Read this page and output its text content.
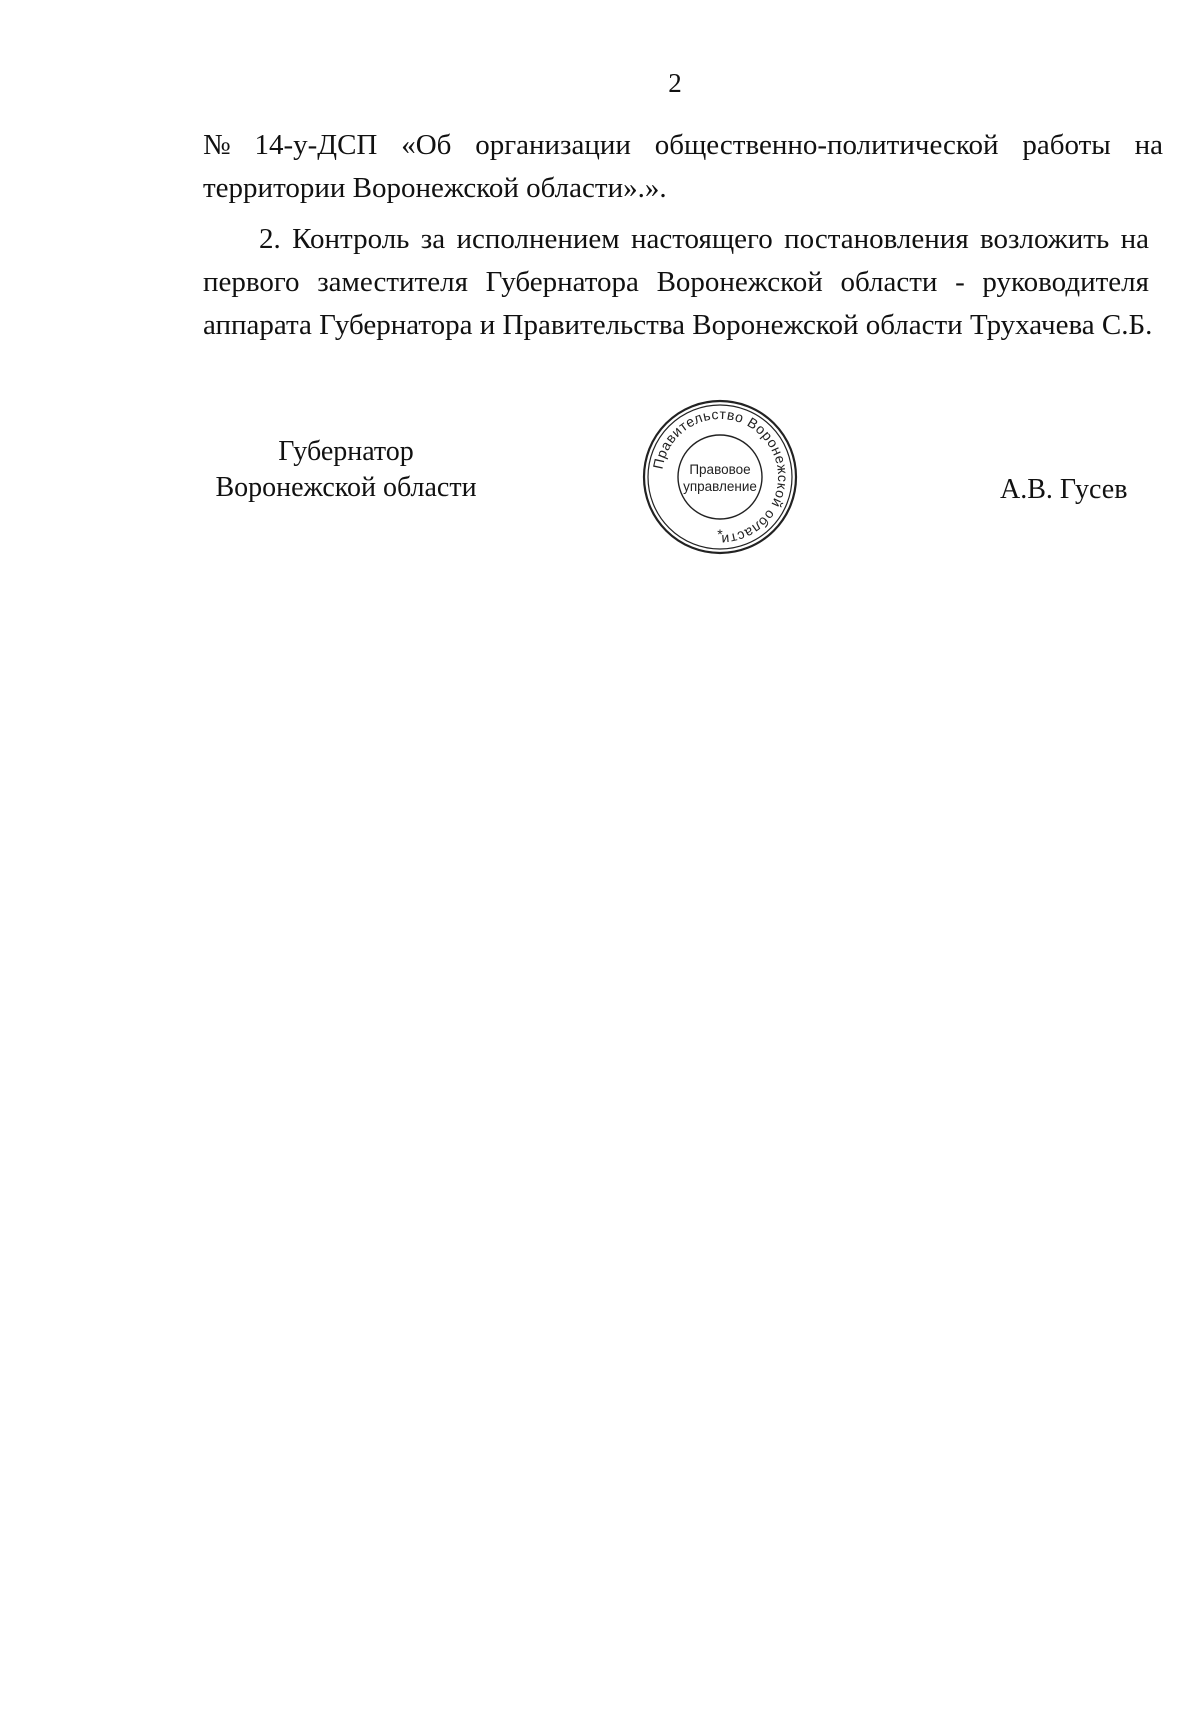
2
№ 14-у-ДСП «Об организации общественно-политической работы на
территории Воронежской области».».
2. Контроль за исполнением настоящего постановления возложить на
первого заместителя Губернатора Воронежской области - руководителя
аппарата Губернатора и Правительства Воронежской области Трухачева С.Б.
Губернатор
Воронежской области
Правительство Воронежской области
Правовое
управление
*
А.В. Гусев
